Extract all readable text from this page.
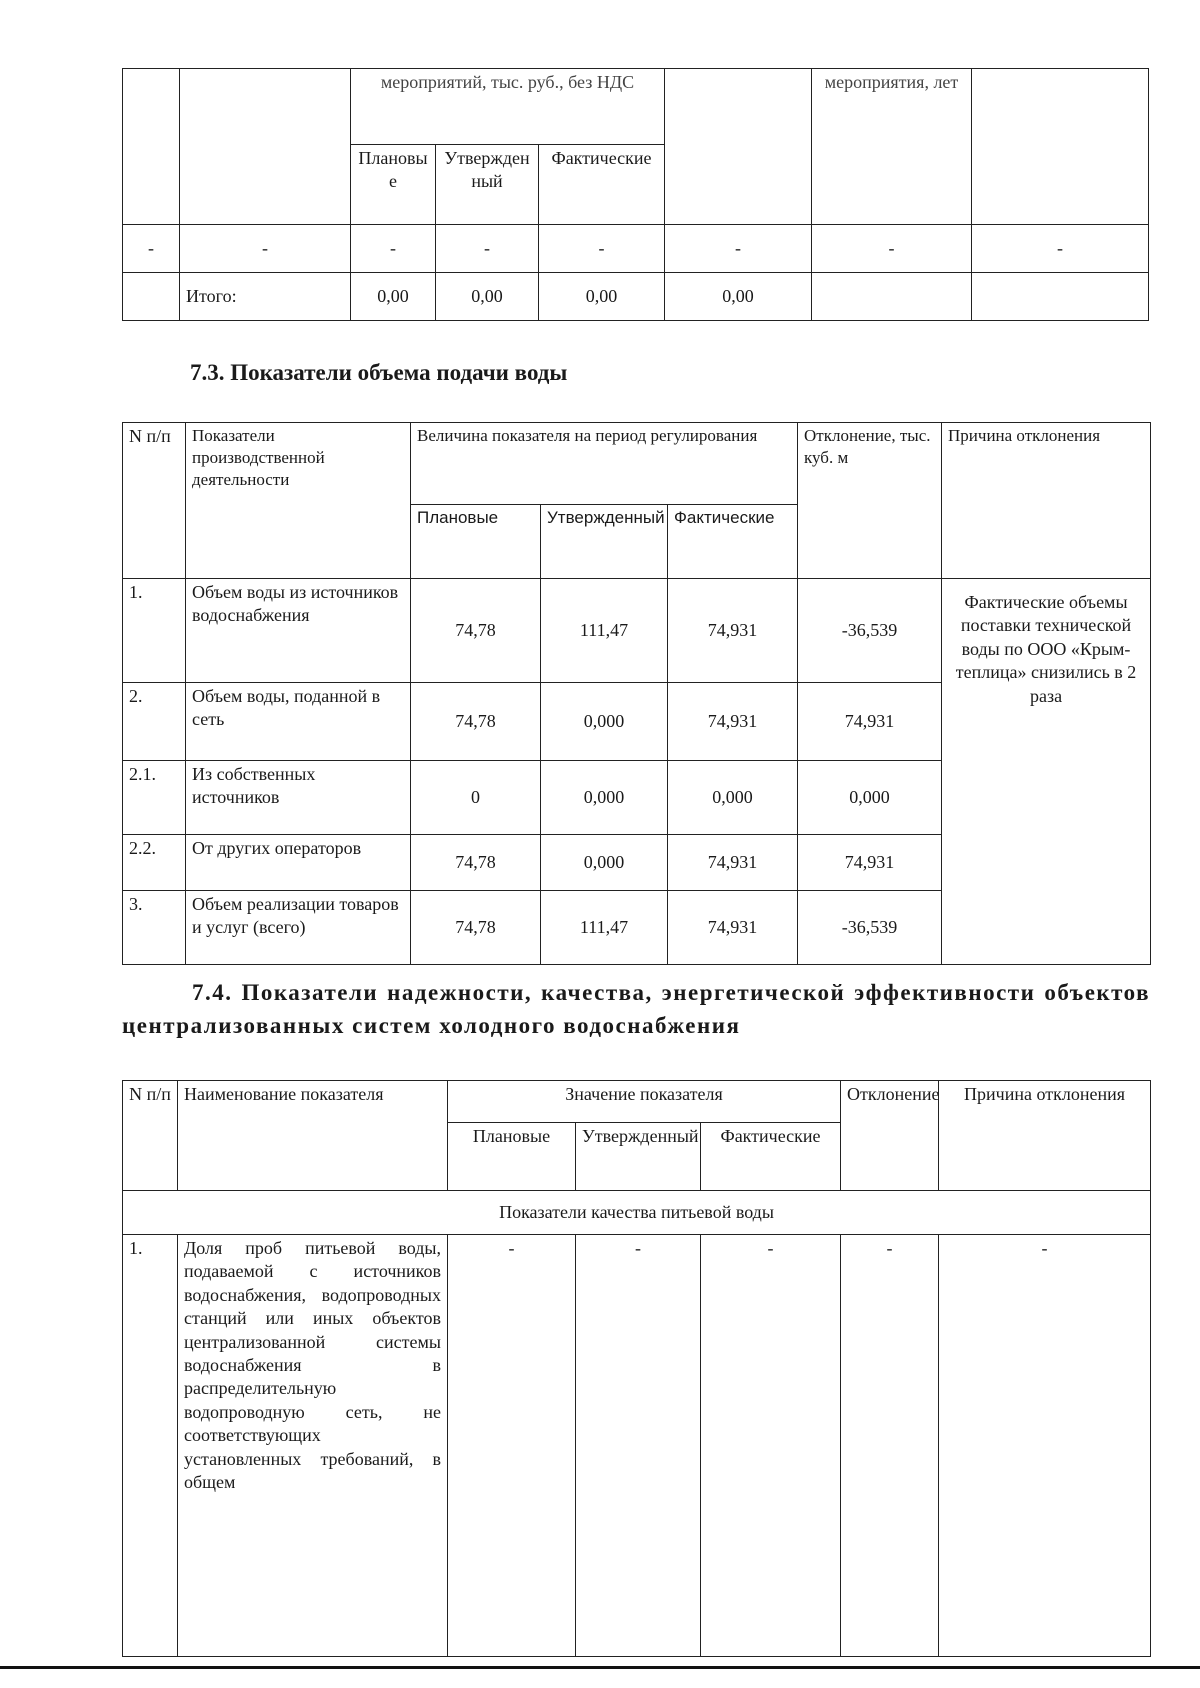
		мероприятий, тыс. руб., без НДС				мероприятия, лет	
		Плановые	Утвержденный	Фактические			
-	-	-	-	-	-	-	-
	Итого:	0,00	0,00	0,00	0,00		
7.3. Показатели объема подачи воды
N п/п	Показатели производственной деятельности	Величина показателя на период регулирования			Отклонение, тыс. куб. м	Причина отклонения
		Плановые	Утвержденный	Фактические		
1.	Объем воды из источников водоснабжения	74,78	111,47	74,931	-36,539	Фактические объемы поставки технической воды по ООО «Крым-теплица» снизились в 2 раза
2.	Объем воды, поданной в сеть	74,78	0,000	74,931	74,931	
2.1.	Из собственных источников	0	0,000	0,000	0,000	
2.2.	От других операторов	74,78	0,000	74,931	74,931	
3.	Объем реализации товаров и услуг (всего)	74,78	111,47	74,931	-36,539	
7.4. Показатели надежности, качества, энергетической эффективности объектов централизованных систем холодного водоснабжения
N п/п	Наименование показателя	Значение показателя			Отклонение	Причина отклонения
		Плановые	Утвержденный	Фактические		
Показатели качества питьевой воды						
1.	Доля проб питьевой воды, подаваемой с источников водоснабжения, водопроводных станций или иных объектов централизованной системы водоснабжения в распределительную водопроводную сеть, не соответствующих установленных требований, в общем	-	-	-	-	-
